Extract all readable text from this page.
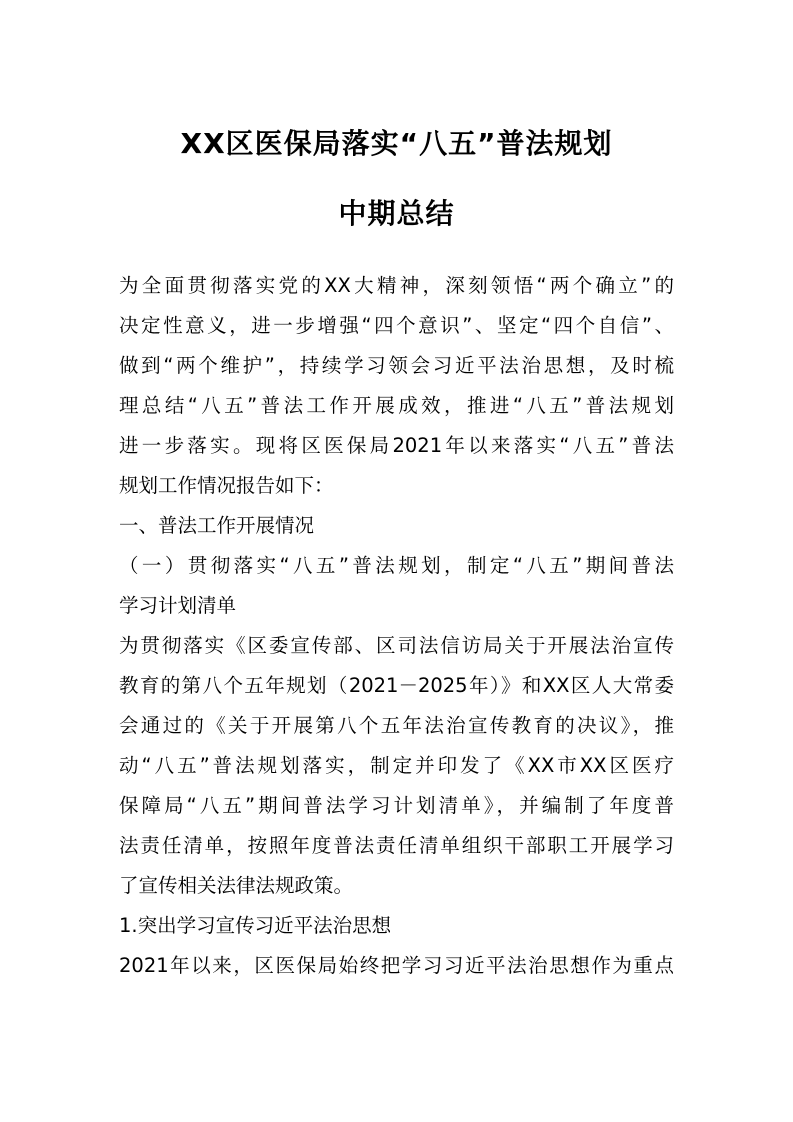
XX区医保局落实“八五”普法规划
中期总结
为全面贯彻落实党的XX大精神，深刻领悟“两个确立”的
决定性意义，进一步增强“四个意识”、坚定“四个自信”、
做到“两个维护”，持续学习领会习近平法治思想，及时梳
理总结“八五”普法工作开展成效，推进“八五”普法规划
进一步落实。现将区医保局2021年以来落实“八五”普法
规划工作情况报告如下：
一、普法工作开展情况
（一）贯彻落实“八五”普法规划，制定“八五”期间普法
学习计划清单
为贯彻落实《区委宣传部、区司法信访局关于开展法治宣传
教育的第八个五年规划（2021－2025年）》和XX区人大常委
会通过的《关于开展第八个五年法治宣传教育的决议》，推
动“八五”普法规划落实，制定并印发了《XX市XX区医疗
保障局“八五”期间普法学习计划清单》，并编制了年度普
法责任清单，按照年度普法责任清单组织干部职工开展学习
了宣传相关法律法规政策。
1.突出学习宣传习近平法治思想
2021年以来，区医保局始终把学习习近平法治思想作为重点
